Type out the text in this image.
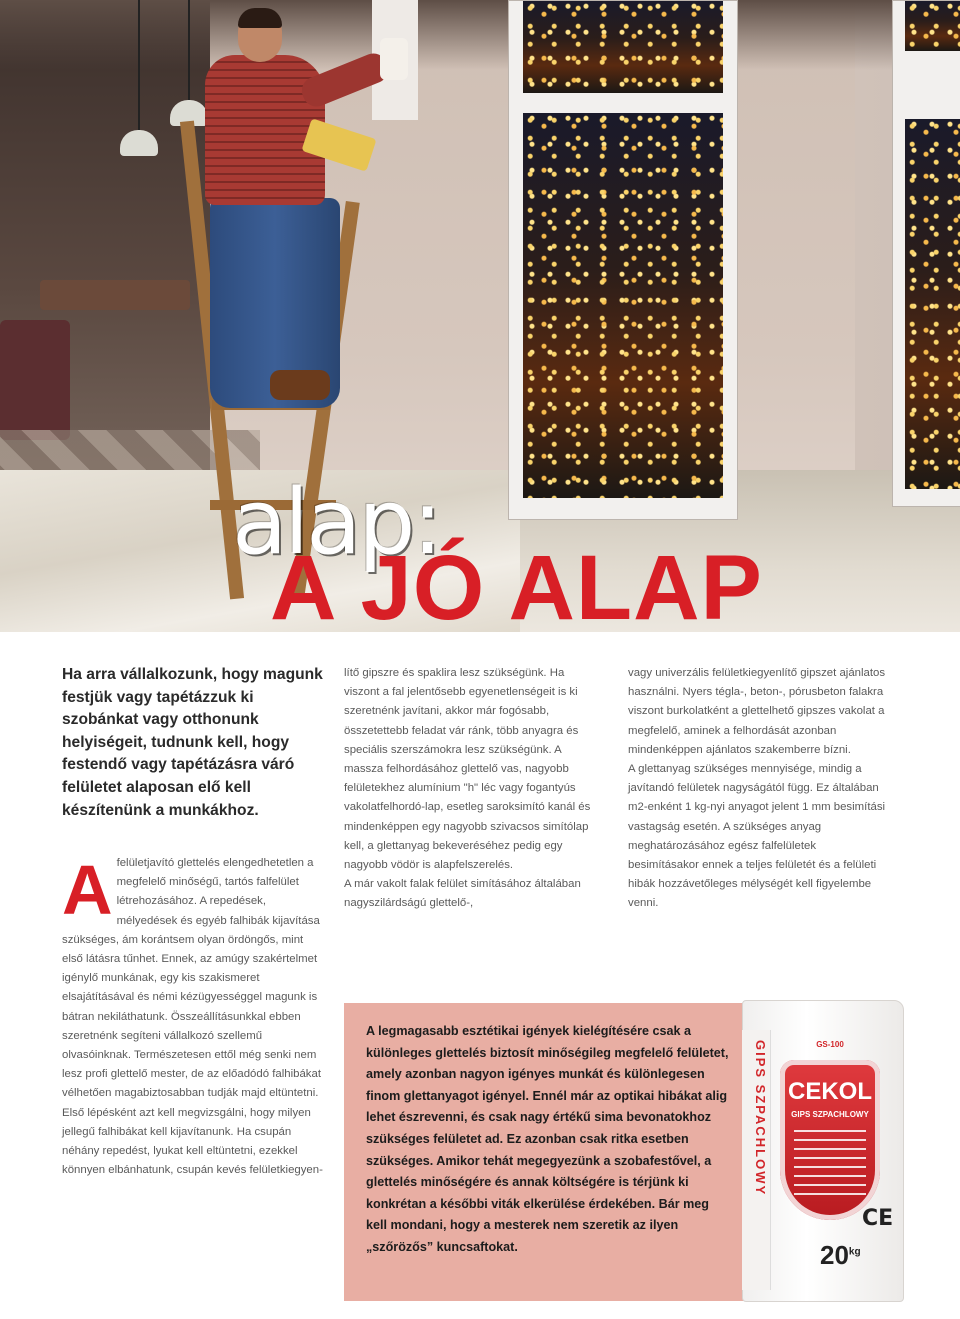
alap:
A JÓ ALAP
Ha arra vállalkozunk, hogy magunk festjük vagy tapétázzuk ki szobánkat vagy otthonunk helyiségeit, tudnunk kell, hogy festendő vagy tapétázásra váró felületet alaposan elő kell készítenünk a munkákhoz.
A felületjavító glettelés elengedhetetlen a megfelelő minőségű, tartós falfelület létrehozásához. A repedések, mélyedések és egyéb falhibák kijavítása szükséges, ám korántsem olyan ördöngős, mint első látásra tűnhet. Ennek, az amúgy szakértelmet igénylő munkának, egy kis szakismeret elsajátításával és némi kézügyességgel magunk is bátran nekiláthatunk. Összeállításunkkal ebben szeretnénk segíteni vállalkozó szellemű olvasóinknak. Természetesen ettől még senki nem lesz profi glettelő mester, de az előadódó falhibákat vélhetően magabiztosabban tudják majd eltüntetni. Első lépésként azt kell megvizsgálni, hogy milyen jellegű falhibákat kell kijavítanunk. Ha csupán néhány repedést, lyukat kell eltüntetni, ezekkel könnyen elbánhatunk, csupán kevés felületkiegyen-

lítő gipszre és spaklira lesz szükségünk. Ha viszont a fal jelentősebb egyenetlenségeit is ki szeretnénk javítani, akkor már fogósabb, összetettebb feladat vár ránk, több anyagra és speciális szerszámokra lesz szükségünk. A massza felhordásához glettelő vas, nagyobb felületekhez alumínium "h" léc vagy fogantyús vakolatfelhordó-lap, esetleg saroksimító kanál és mindenképpen egy nagyobb szivacsos simítólap kell, a glettanyag bekeveréséhez pedig egy nagyobb vödör is alapfelszerelés.

A már vakolt falak felület simításához általában nagyszilárdságú glettelő-,

vagy univerzális felületkiegyenlítő gipszet ajánlatos használni. Nyers tégla-, beton-, pórusbeton falakra viszont burkolatként a glettelhető gipszes vakolat a megfelelő, aminek a felhordását azonban mindenképpen ajánlatos szakemberre bízni.

A glettanyag szükséges mennyisége, mindig a javítandó felületek nagyságától függ. Ez általában m2-enként 1 kg-nyi anyagot jelent 1 mm besimítási vastagság esetén. A szükséges anyag meghatározásához egész falfelületek besimításakor ennek a teljes felületét és a felületi hibák hozzávetőleges mélységét kell figyelembe venni.

A legmagasabb esztétikai igények kielégítésére csak a különleges glettelés biztosít minőségileg megfelelő felületet, amely azonban nagyon igényes munkát és különlegesen finom glettanyagot igényel. Ennél már az optikai hibákat alig lehet észrevenni, és csak nagy értékű sima bevonatokhoz szükséges felületet ad. Ez azonban csak ritka esetben szükséges. Amikor tehát megegyezünk a szobafestővel, a glettelés minőségére és annak költségére is térjünk ki konkrétan a későbbi viták elkerülése érdekében. Bár meg kell mondani, hogy a mesterek nem szeretik az ilyen „szőrözős” kuncsaftokat.
GIPS SZPACHLOWY	GS-100
CEKOL
GIPS SZPACHLOWY
CE
$20^{kg}$
